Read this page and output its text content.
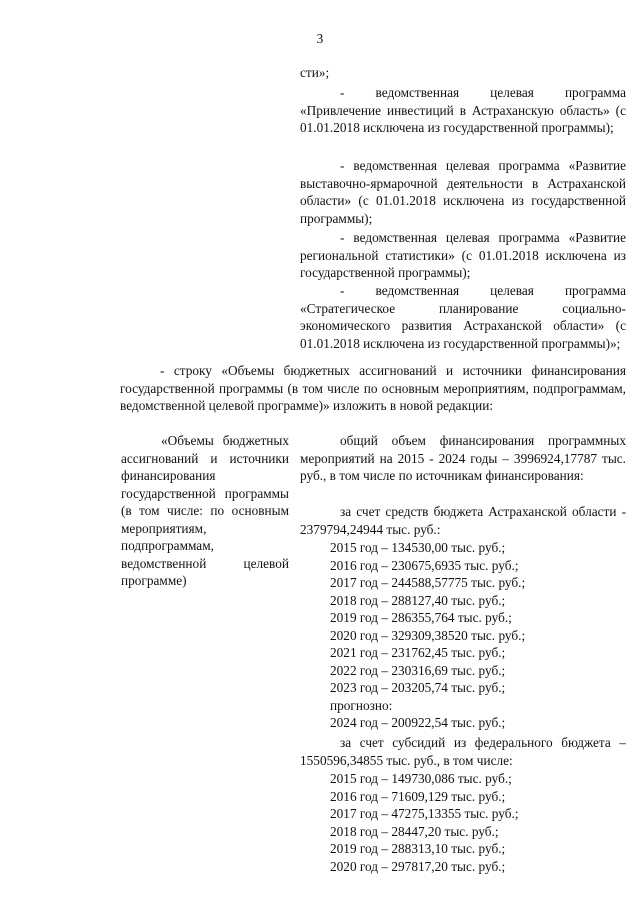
3
сти»;
- ведомственная целевая программа «Привлечение инвестиций в Астраханскую область» (с 01.01.2018 исключена из государственной программы);
- ведомственная целевая программа «Развитие выставочно-ярмарочной деятельности в Астраханской области» (с 01.01.2018 исключена из государственной программы);
- ведомственная целевая программа «Развитие региональной статистики» (с 01.01.2018 исключена из государственной программы);
- ведомственная целевая программа «Стратегическое планирование социально-экономического развития Астраханской области» (с 01.01.2018 исключена из государственной программы)»;
- строку «Объемы бюджетных ассигнований и источники финансирования государственной программы (в том числе по основным мероприятиям, подпрограммам, ведомственной целевой программе)» изложить в новой редакции:
«Объемы бюджетных ассигнований и источники финансирования государственной программы (в том числе: по основным мероприятиям, подпрограммам, ведомственной целевой программе)
общий объем финансирования программных мероприятий на 2015 - 2024 годы – 3996924,17787 тыс. руб., в том числе по источникам финансирования:
за счет средств бюджета Астраханской области - 2379794,24944 тыс. руб.:
2015 год – 134530,00 тыс. руб.;
2016 год – 230675,6935 тыс. руб.;
2017 год – 244588,57775 тыс. руб.;
2018 год – 288127,40 тыс. руб.;
2019 год – 286355,764 тыс. руб.;
2020 год – 329309,38520 тыс. руб.;
2021 год – 231762,45 тыс. руб.;
2022 год – 230316,69 тыс. руб.;
2023 год – 203205,74 тыс. руб.;
прогнозно:
2024 год – 200922,54 тыс. руб.;
за счет субсидий из федерального бюджета – 1550596,34855 тыс. руб., в том числе:
2015 год – 149730,086 тыс. руб.;
2016 год – 71609,129 тыс. руб.;
2017 год – 47275,13355 тыс. руб.;
2018 год – 28447,20 тыс. руб.;
2019 год – 288313,10 тыс. руб.;
2020 год – 297817,20 тыс. руб.;
